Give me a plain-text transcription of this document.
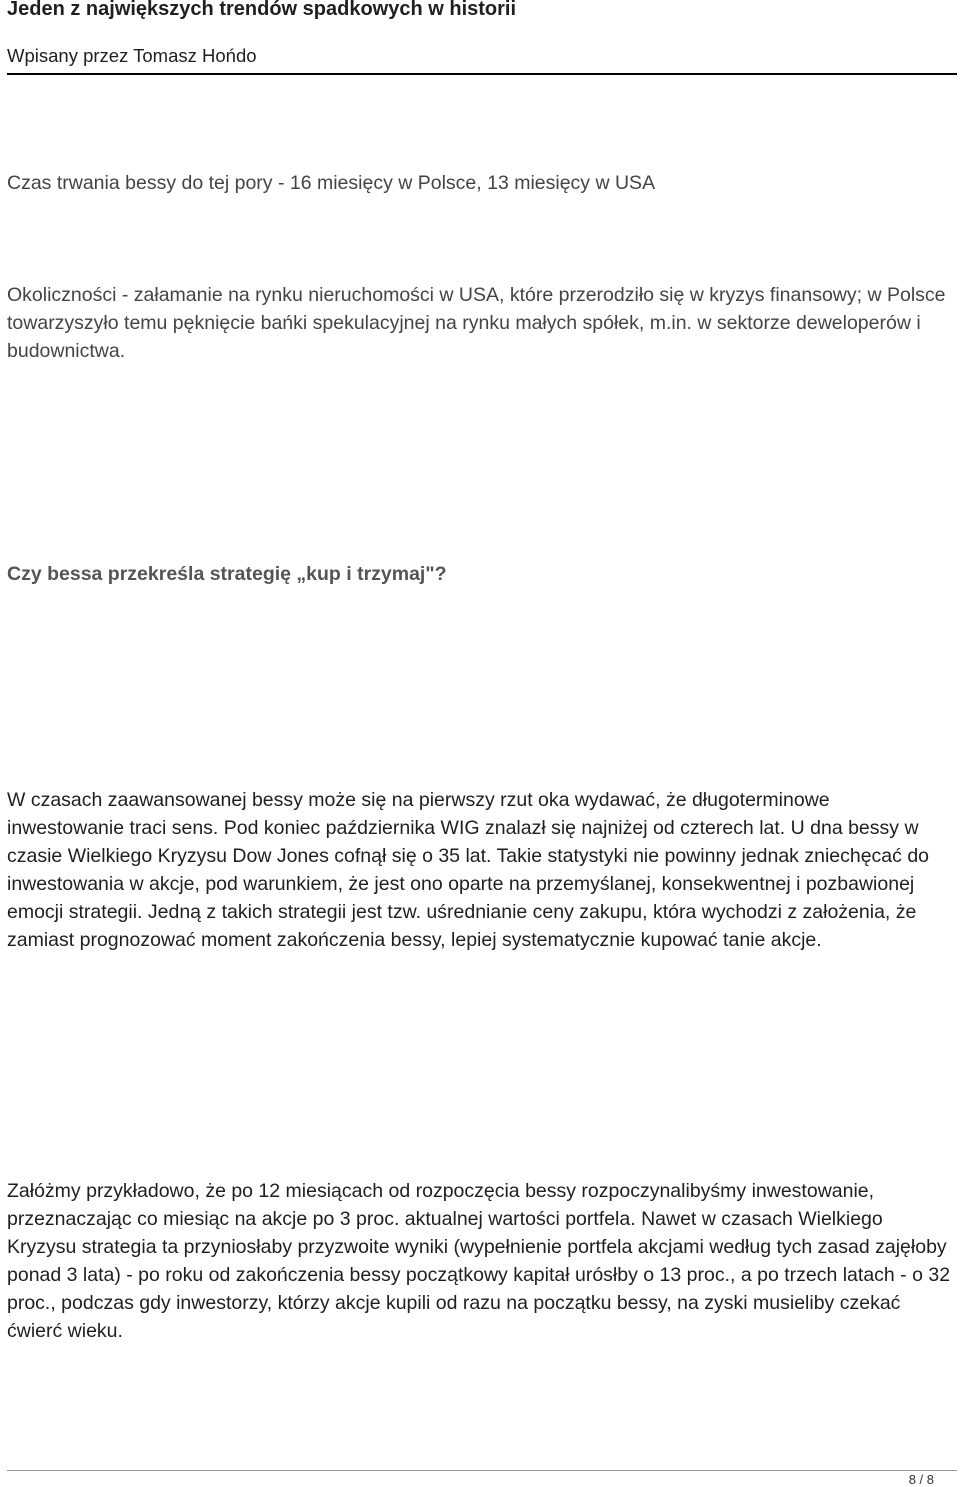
Jeden z największych trendów spadkowych w historii

Wpisany przez Tomasz Hońdo

Czas trwania bessy do tej pory - 16 miesięcy w Polsce, 13 miesięcy w USA

Okoliczności - załamanie na rynku nieruchomości w USA, które przerodziło się w kryzys finansowy; w Polsce towarzyszyło temu pęknięcie bańki spekulacyjnej na rynku małych spółek, m.in. w sektorze deweloperów i budownictwa.

Czy bessa przekreśla strategię „kup i trzymaj"?

W czasach zaawansowanej bessy może się na pierwszy rzut oka wydawać, że długoterminowe inwestowanie traci sens. Pod koniec października WIG znalazł się najniżej od czterech lat. U dna bessy w czasie Wielkiego Kryzysu Dow Jones cofnął się o 35 lat. Takie statystyki nie powinny jednak zniechęcać do inwestowania w akcje, pod warunkiem, że jest ono oparte na przemyślanej, konsekwentnej i pozbawionej emocji strategii. Jedną z takich strategii jest tzw. uśrednianie ceny zakupu, która wychodzi z założenia, że zamiast prognozować moment zakończenia bessy, lepiej systematycznie kupować tanie akcje.

Załóżmy przykładowo, że po 12 miesiącach od rozpoczęcia bessy rozpoczynalibyśmy inwestowanie, przeznaczając co miesiąc na akcje po 3 proc. aktualnej wartości portfela. Nawet w czasach Wielkiego Kryzysu strategia ta przyniosłaby przyzwoite wyniki (wypełnienie portfela akcjami według tych zasad zajęłoby ponad 3 lata) - po roku od zakończenia bessy początkowy kapitał urósłby o 13 proc., a po trzech latach - o 32 proc., podczas gdy inwestorzy, którzy akcje kupili od razu na początku bessy, na zyski musieliby czekać ćwierć wieku.

8 / 8
